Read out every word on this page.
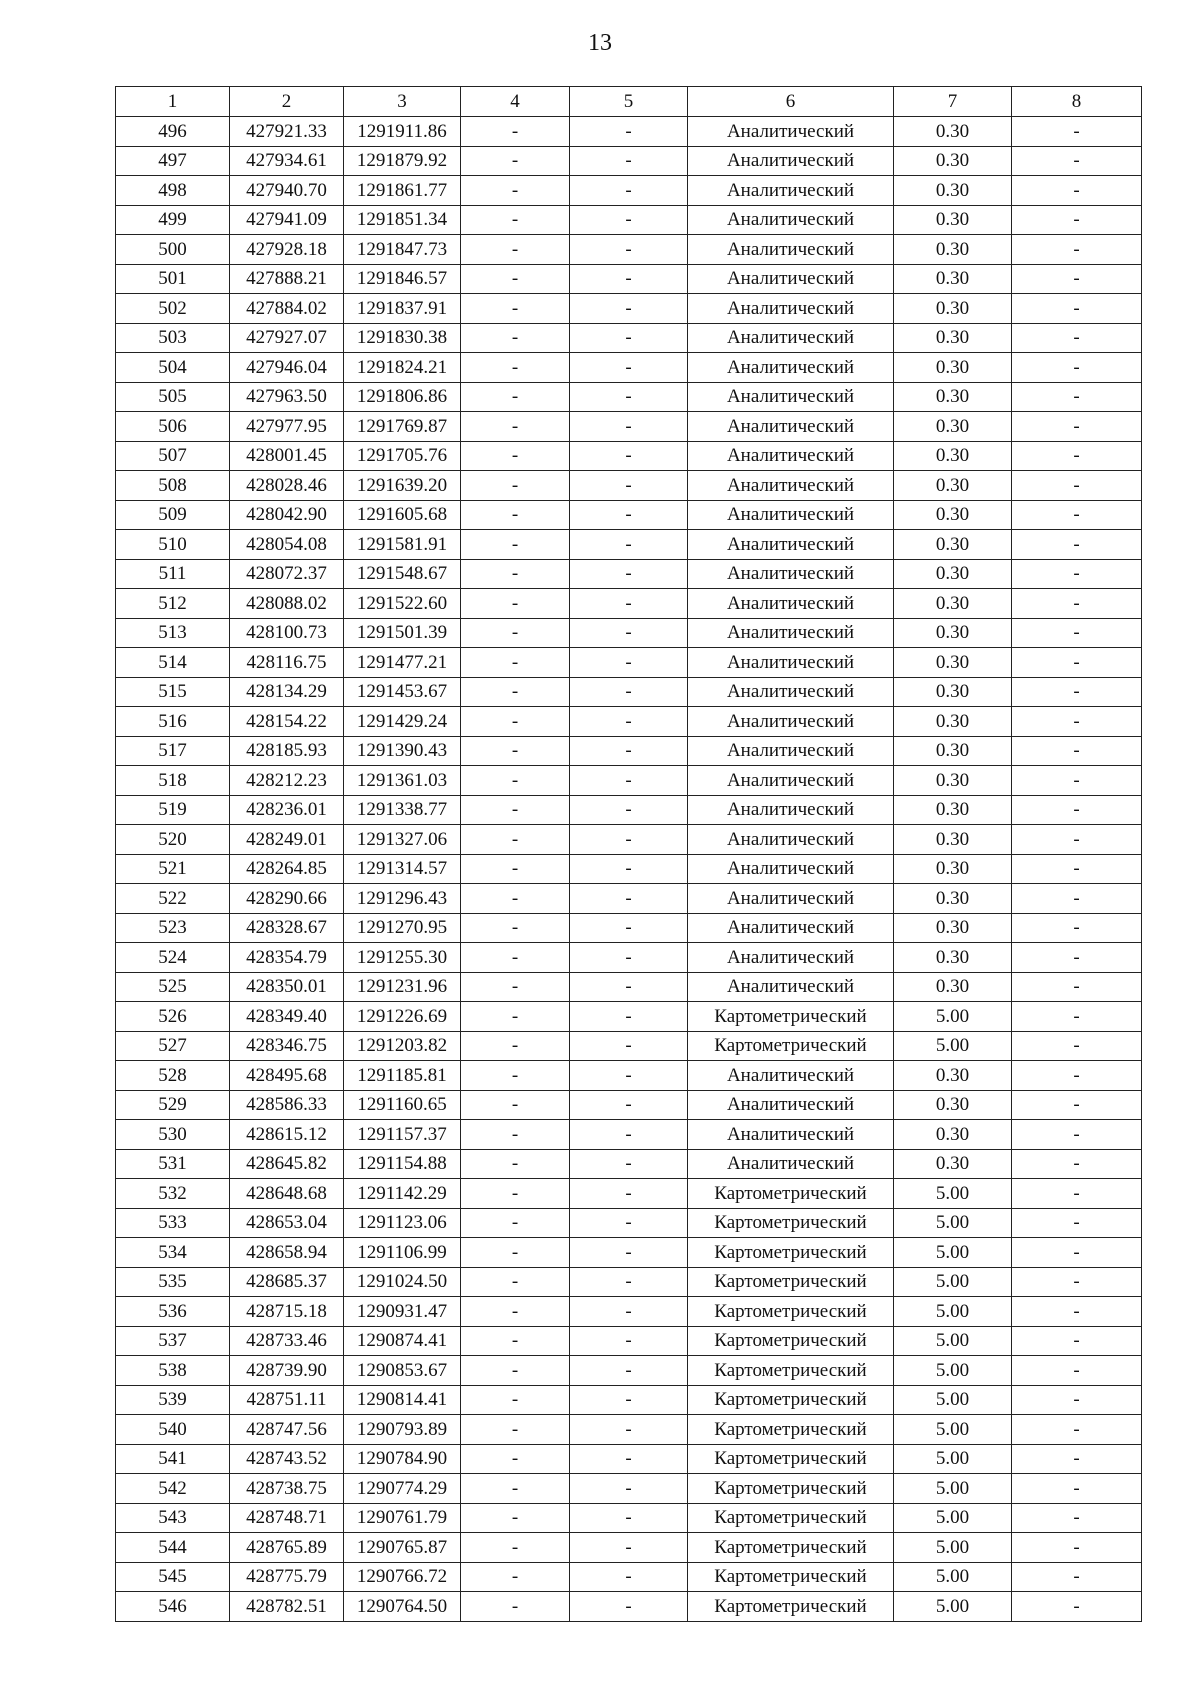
13
1	2	3	4	5	6	7	8
496	427921.33	1291911.86	-	-	Аналитический	0.30	-
497	427934.61	1291879.92	-	-	Аналитический	0.30	-
498	427940.70	1291861.77	-	-	Аналитический	0.30	-
499	427941.09	1291851.34	-	-	Аналитический	0.30	-
500	427928.18	1291847.73	-	-	Аналитический	0.30	-
501	427888.21	1291846.57	-	-	Аналитический	0.30	-
502	427884.02	1291837.91	-	-	Аналитический	0.30	-
503	427927.07	1291830.38	-	-	Аналитический	0.30	-
504	427946.04	1291824.21	-	-	Аналитический	0.30	-
505	427963.50	1291806.86	-	-	Аналитический	0.30	-
506	427977.95	1291769.87	-	-	Аналитический	0.30	-
507	428001.45	1291705.76	-	-	Аналитический	0.30	-
508	428028.46	1291639.20	-	-	Аналитический	0.30	-
509	428042.90	1291605.68	-	-	Аналитический	0.30	-
510	428054.08	1291581.91	-	-	Аналитический	0.30	-
511	428072.37	1291548.67	-	-	Аналитический	0.30	-
512	428088.02	1291522.60	-	-	Аналитический	0.30	-
513	428100.73	1291501.39	-	-	Аналитический	0.30	-
514	428116.75	1291477.21	-	-	Аналитический	0.30	-
515	428134.29	1291453.67	-	-	Аналитический	0.30	-
516	428154.22	1291429.24	-	-	Аналитический	0.30	-
517	428185.93	1291390.43	-	-	Аналитический	0.30	-
518	428212.23	1291361.03	-	-	Аналитический	0.30	-
519	428236.01	1291338.77	-	-	Аналитический	0.30	-
520	428249.01	1291327.06	-	-	Аналитический	0.30	-
521	428264.85	1291314.57	-	-	Аналитический	0.30	-
522	428290.66	1291296.43	-	-	Аналитический	0.30	-
523	428328.67	1291270.95	-	-	Аналитический	0.30	-
524	428354.79	1291255.30	-	-	Аналитический	0.30	-
525	428350.01	1291231.96	-	-	Аналитический	0.30	-
526	428349.40	1291226.69	-	-	Картометрический	5.00	-
527	428346.75	1291203.82	-	-	Картометрический	5.00	-
528	428495.68	1291185.81	-	-	Аналитический	0.30	-
529	428586.33	1291160.65	-	-	Аналитический	0.30	-
530	428615.12	1291157.37	-	-	Аналитический	0.30	-
531	428645.82	1291154.88	-	-	Аналитический	0.30	-
532	428648.68	1291142.29	-	-	Картометрический	5.00	-
533	428653.04	1291123.06	-	-	Картометрический	5.00	-
534	428658.94	1291106.99	-	-	Картометрический	5.00	-
535	428685.37	1291024.50	-	-	Картометрический	5.00	-
536	428715.18	1290931.47	-	-	Картометрический	5.00	-
537	428733.46	1290874.41	-	-	Картометрический	5.00	-
538	428739.90	1290853.67	-	-	Картометрический	5.00	-
539	428751.11	1290814.41	-	-	Картометрический	5.00	-
540	428747.56	1290793.89	-	-	Картометрический	5.00	-
541	428743.52	1290784.90	-	-	Картометрический	5.00	-
542	428738.75	1290774.29	-	-	Картометрический	5.00	-
543	428748.71	1290761.79	-	-	Картометрический	5.00	-
544	428765.89	1290765.87	-	-	Картометрический	5.00	-
545	428775.79	1290766.72	-	-	Картометрический	5.00	-
546	428782.51	1290764.50	-	-	Картометрический	5.00	-
